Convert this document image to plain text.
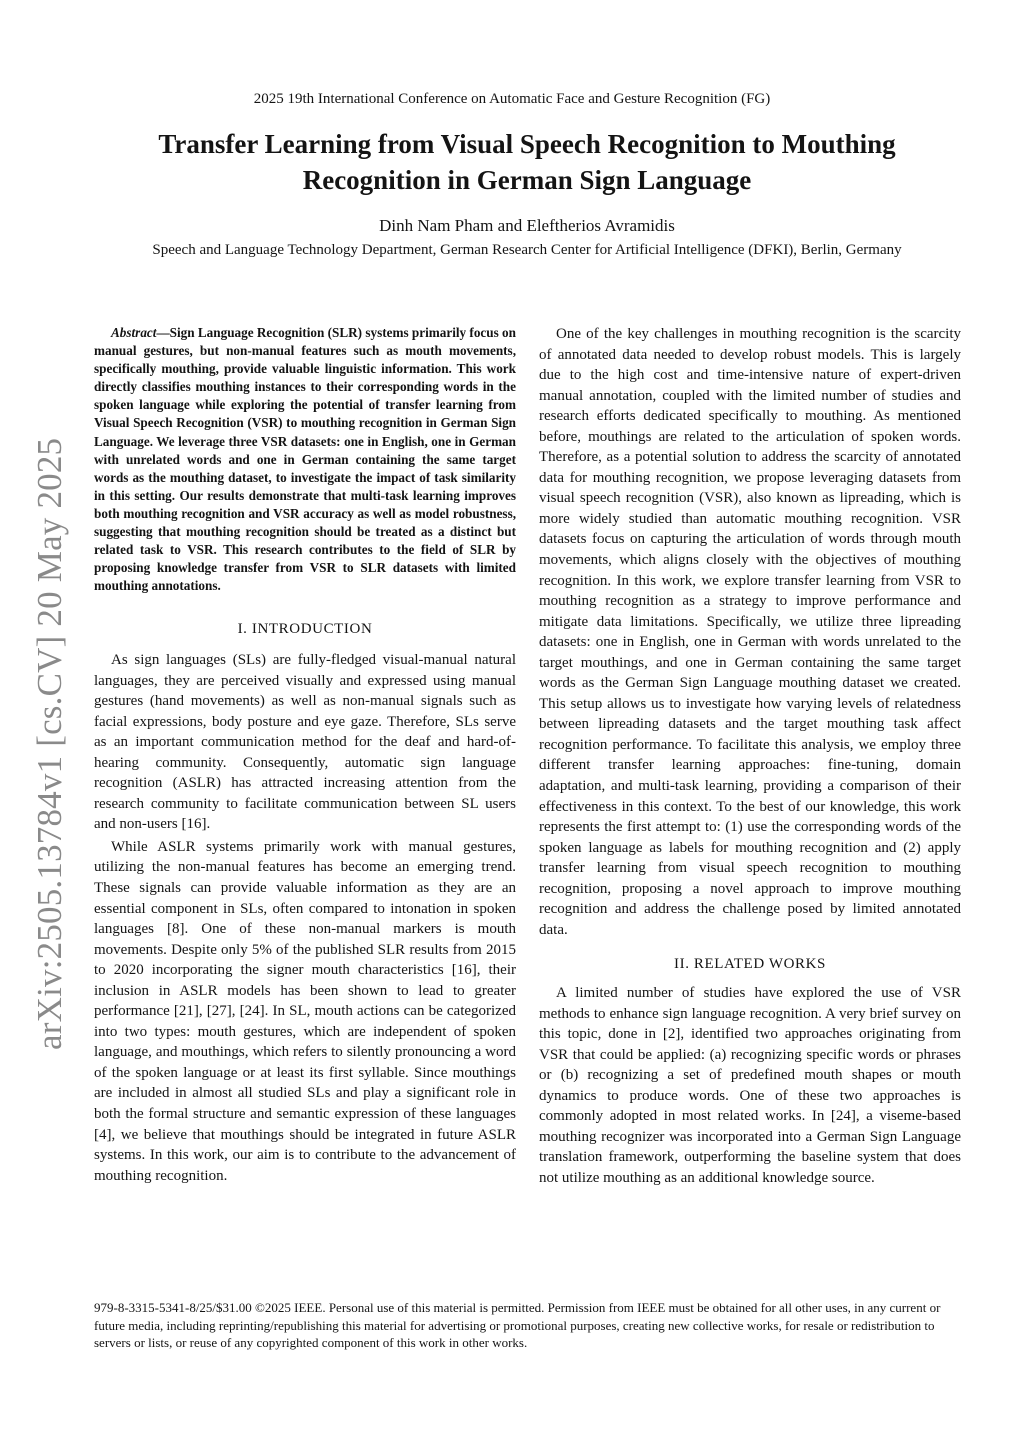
2025 19th International Conference on Automatic Face and Gesture Recognition (FG)
Transfer Learning from Visual Speech Recognition to Mouthing Recognition in German Sign Language
Dinh Nam Pham and Eleftherios Avramidis
Speech and Language Technology Department, German Research Center for Artificial Intelligence (DFKI), Berlin, Germany
arXiv:2505.13784v1 [cs.CV] 20 May 2025

Abstract—Sign Language Recognition (SLR) systems primarily focus on manual gestures, but non-manual features such as mouth movements, specifically mouthing, provide valuable linguistic information. This work directly classifies mouthing instances to their corresponding words in the spoken language while exploring the potential of transfer learning from Visual Speech Recognition (VSR) to mouthing recognition in German Sign Language. We leverage three VSR datasets: one in English, one in German with unrelated words and one in German containing the same target words as the mouthing dataset, to investigate the impact of task similarity in this setting. Our results demonstrate that multi-task learning improves both mouthing recognition and VSR accuracy as well as model robustness, suggesting that mouthing recognition should be treated as a distinct but related task to VSR. This research contributes to the field of SLR by proposing knowledge transfer from VSR to SLR datasets with limited mouthing annotations.

I. INTRODUCTION

As sign languages (SLs) are fully-fledged visual-manual natural languages, they are perceived visually and expressed using manual gestures (hand movements) as well as non-manual signals such as facial expressions, body posture and eye gaze. Therefore, SLs serve as an important communication method for the deaf and hard-of-hearing community. Consequently, automatic sign language recognition (ASLR) has attracted increasing attention from the research community to facilitate communication between SL users and non-users [16].

While ASLR systems primarily work with manual gestures, utilizing the non-manual features has become an emerging trend. These signals can provide valuable information as they are an essential component in SLs, often compared to intonation in spoken languages [8]. One of these non-manual markers is mouth movements. Despite only 5% of the published SLR results from 2015 to 2020 incorporating the signer mouth characteristics [16], their inclusion in ASLR models has been shown to lead to greater performance [21], [27], [24]. In SL, mouth actions can be categorized into two types: mouth gestures, which are independent of spoken language, and mouthings, which refers to silently pronouncing a word of the spoken language or at least its first syllable. Since mouthings are included in almost all studied SLs and play a significant role in both the formal structure and semantic expression of these languages [4], we believe that mouthings should be integrated in future ASLR systems. In this work, our aim is to contribute to the advancement of mouthing recognition.

One of the key challenges in mouthing recognition is the scarcity of annotated data needed to develop robust models. This is largely due to the high cost and time-intensive nature of expert-driven manual annotation, coupled with the limited number of studies and research efforts dedicated specifically to mouthing. As mentioned before, mouthings are related to the articulation of spoken words. Therefore, as a potential solution to address the scarcity of annotated data for mouthing recognition, we propose leveraging datasets from visual speech recognition (VSR), also known as lipreading, which is more widely studied than automatic mouthing recognition. VSR datasets focus on capturing the articulation of words through mouth movements, which aligns closely with the objectives of mouthing recognition. In this work, we explore transfer learning from VSR to mouthing recognition as a strategy to improve performance and mitigate data limitations. Specifically, we utilize three lipreading datasets: one in English, one in German with words unrelated to the target mouthings, and one in German containing the same target words as the German Sign Language mouthing dataset we created. This setup allows us to investigate how varying levels of relatedness between lipreading datasets and the target mouthing task affect recognition performance. To facilitate this analysis, we employ three different transfer learning approaches: fine-tuning, domain adaptation, and multi-task learning, providing a comparison of their effectiveness in this context. To the best of our knowledge, this work represents the first attempt to: (1) use the corresponding words of the spoken language as labels for mouthing recognition and (2) apply transfer learning from visual speech recognition to mouthing recognition, proposing a novel approach to improve mouthing recognition and address the challenge posed by limited annotated data.

II. RELATED WORKS

A limited number of studies have explored the use of VSR methods to enhance sign language recognition. A very brief survey on this topic, done in [2], identified two approaches originating from VSR that could be applied: (a) recognizing specific words or phrases or (b) recognizing a set of predefined mouth shapes or mouth dynamics to produce words. One of these two approaches is commonly adopted in most related works. In [24], a viseme-based mouthing recognizer was incorporated into a German Sign Language translation framework, outperforming the baseline system that does not utilize mouthing as an additional knowledge source.

979-8-3315-5341-8/25/$31.00 ©2025 IEEE. Personal use of this material is permitted. Permission from IEEE must be obtained for all other uses, in any current or future media, including reprinting/republishing this material for advertising or promotional purposes, creating new collective works, for resale or redistribution to servers or lists, or reuse of any copyrighted component of this work in other works.
